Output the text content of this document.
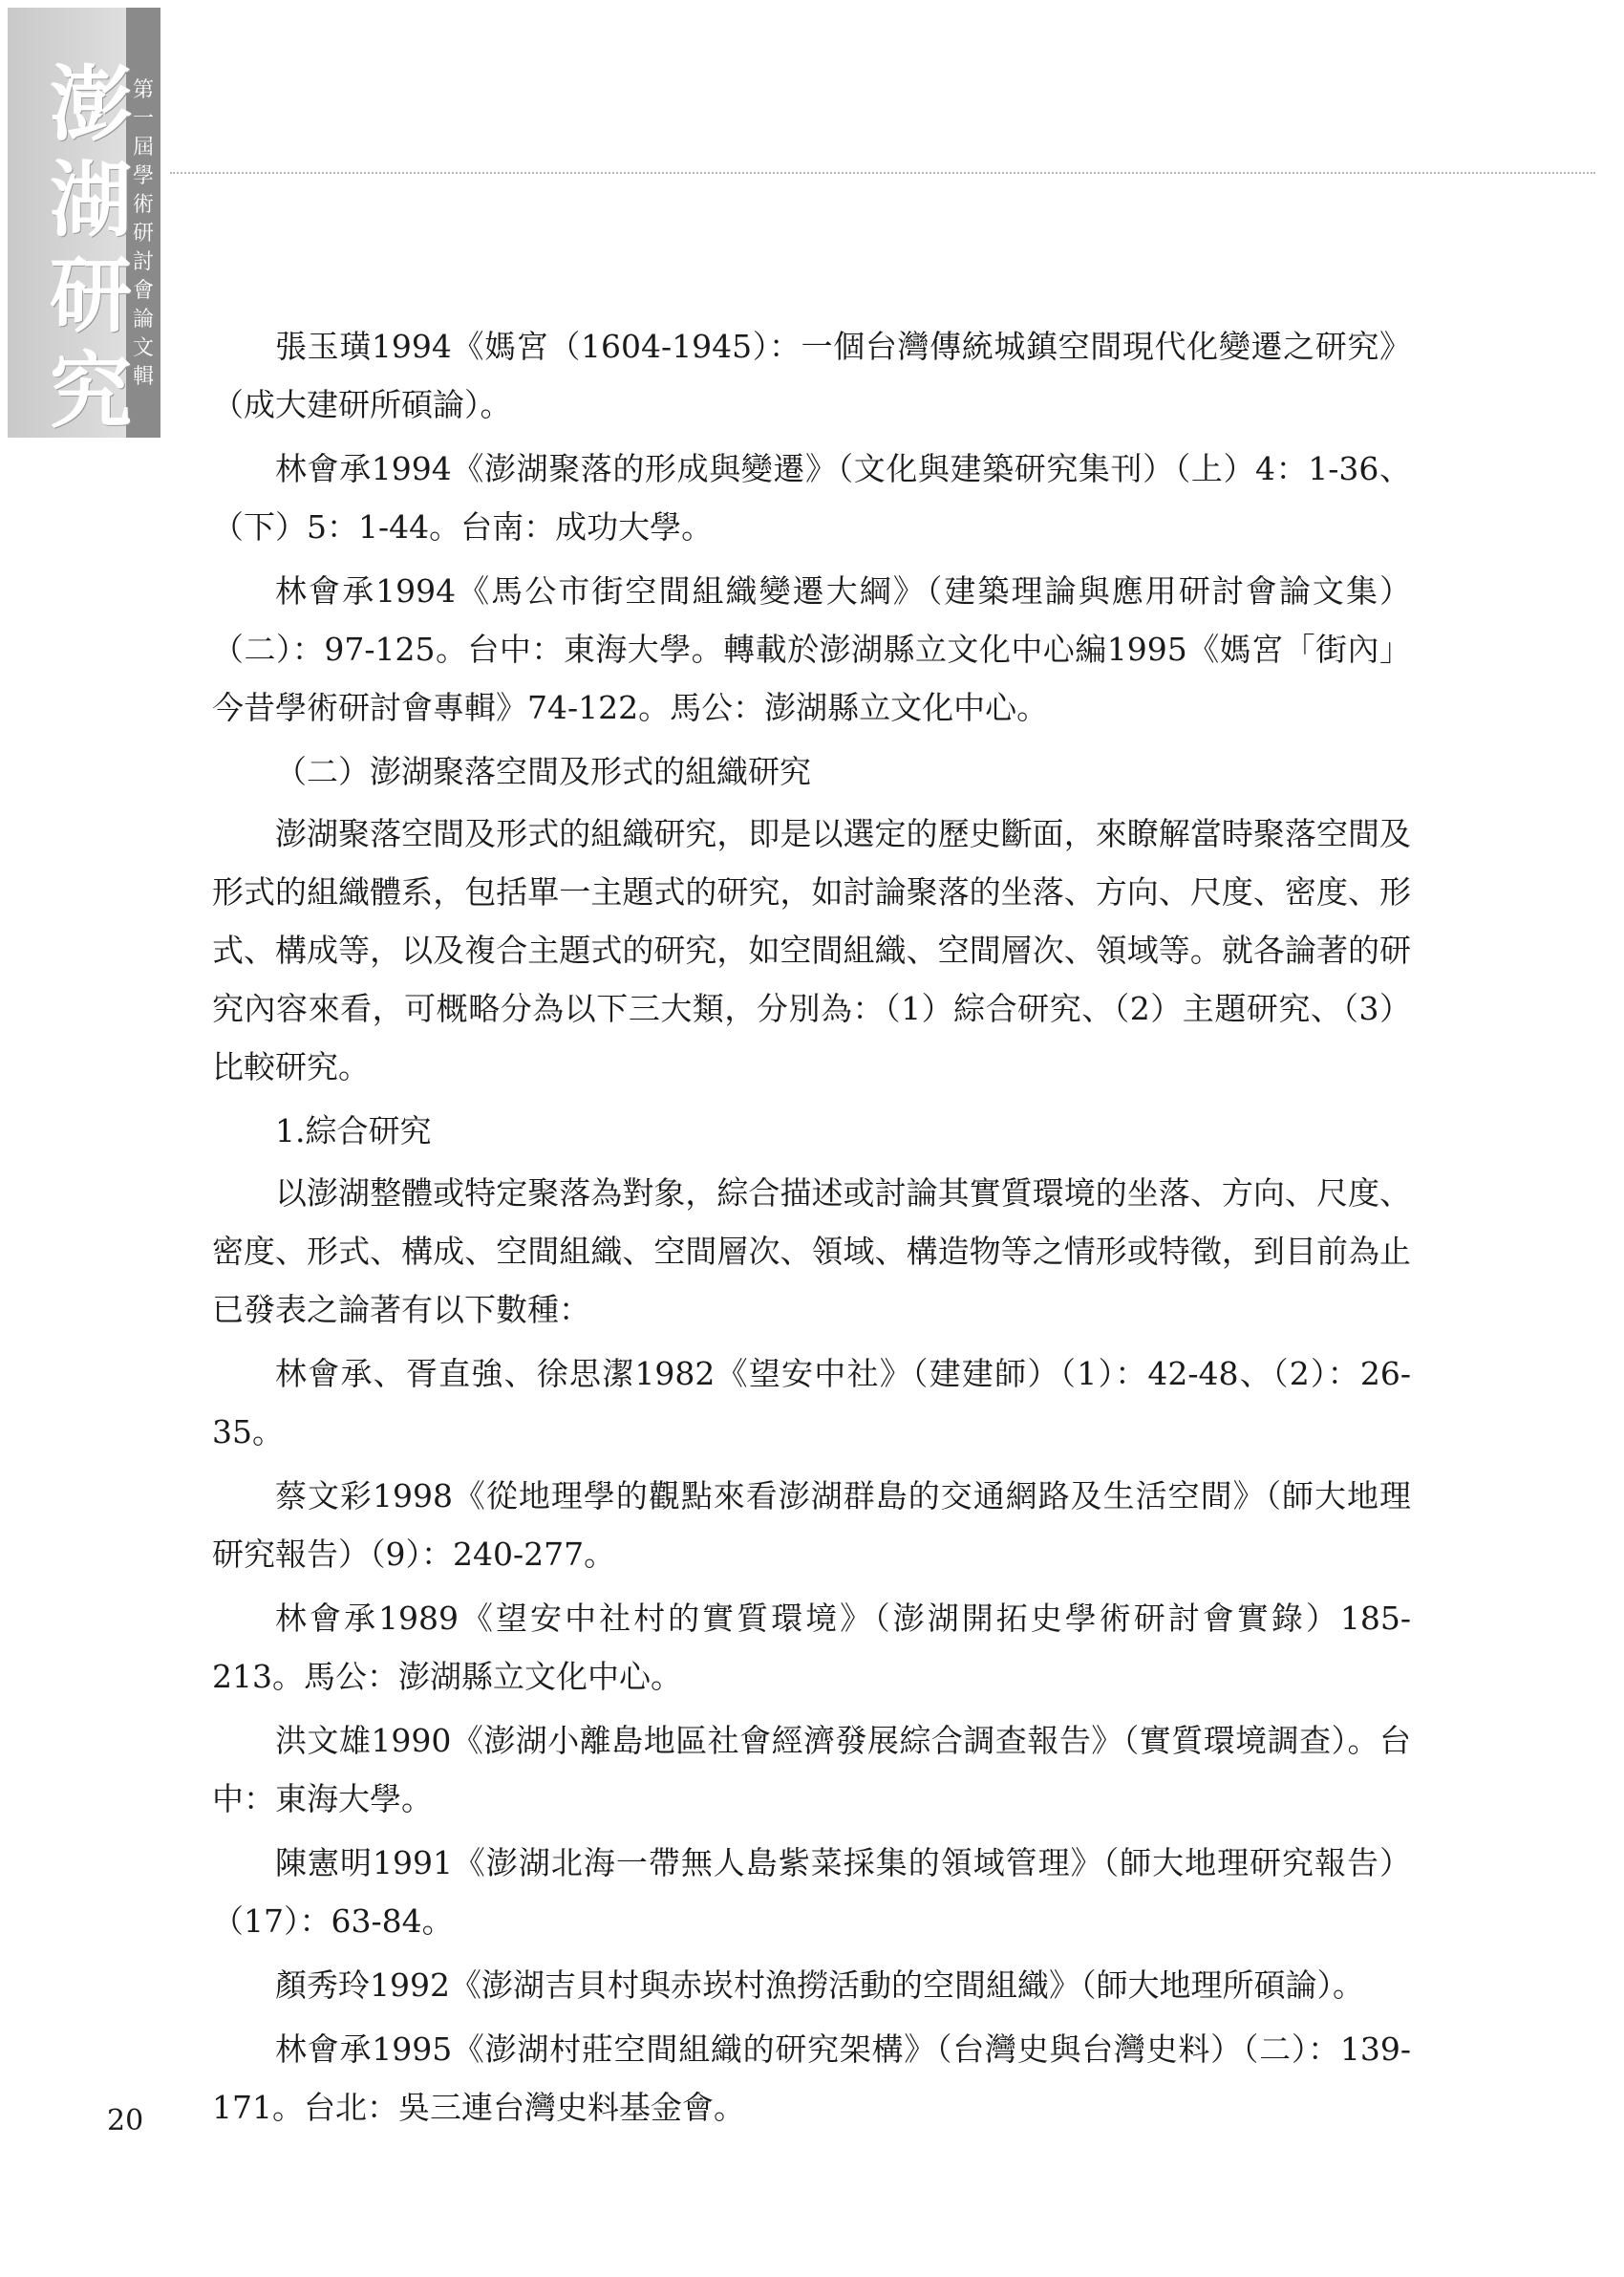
澎
湖
研
究
第
一
屆
學
術
研
討
會
論
文
輯

張玉璜1994《媽宮（1604-1945）：一個台灣傳統城鎮空間現代化變遷之研究》（成大建研所碩論）。

林會承1994《澎湖聚落的形成與變遷》（文化與建築研究集刊）（上）4：1-36、（下）5：1-44。台南：成功大學。

林會承1994《馬公市街空間組織變遷大綱》（建築理論與應用研討會論文集）（二）：97-125。台中：東海大學。轉載於澎湖縣立文化中心編1995《媽宮「街內」今昔學術研討會專輯》74-122。馬公：澎湖縣立文化中心。

（二）澎湖聚落空間及形式的組織研究

澎湖聚落空間及形式的組織研究，即是以選定的歷史斷面，來瞭解當時聚落空間及形式的組織體系，包括單一主題式的研究，如討論聚落的坐落、方向、尺度、密度、形式、構成等，以及複合主題式的研究，如空間組織、空間層次、領域等。就各論著的研究內容來看，可概略分為以下三大類，分別為：（1）綜合研究、（2）主題研究、（3）比較研究。

1.綜合研究

以澎湖整體或特定聚落為對象，綜合描述或討論其實質環境的坐落、方向、尺度、密度、形式、構成、空間組織、空間層次、領域、構造物等之情形或特徵，到目前為止已發表之論著有以下數種：

林會承、胥直強、徐思潔1982《望安中社》（建建師）（1）：42-48、（2）：26-35。

蔡文彩1998《從地理學的觀點來看澎湖群島的交通網路及生活空間》（師大地理研究報告）（9）：240-277。

林會承1989《望安中社村的實質環境》（澎湖開拓史學術研討會實錄）185-213。馬公：澎湖縣立文化中心。

洪文雄1990《澎湖小離島地區社會經濟發展綜合調查報告》（實質環境調查）。台中：東海大學。

陳憲明1991《澎湖北海一帶無人島紫菜採集的領域管理》（師大地理研究報告）（17）：63-84。

顏秀玲1992《澎湖吉貝村與赤崁村漁撈活動的空間組織》（師大地理所碩論）。

林會承1995《澎湖村莊空間組織的研究架構》（台灣史與台灣史料）（二）：139-171。台北：吳三連台灣史料基金會。

20
